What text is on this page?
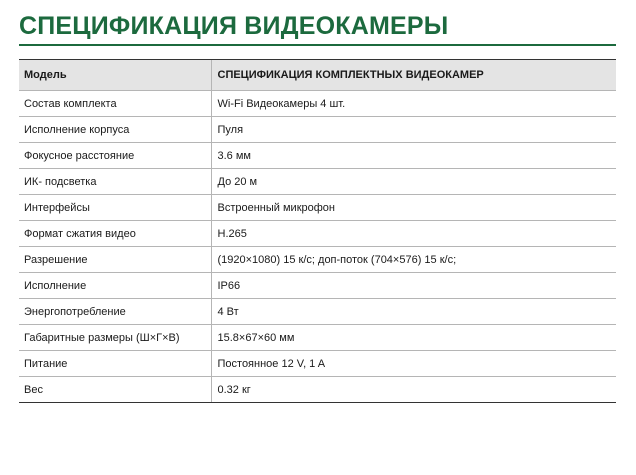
СПЕЦИФИКАЦИЯ ВИДЕОКАМЕРЫ
Модель	СПЕЦИФИКАЦИЯ КОМПЛЕКТНЫХ ВИДЕОКАМЕР
Состав комплекта	Wi-Fi Видеокамеры 4 шт.
Исполнение корпуса	Пуля
Фокусное расстояние	3.6 мм
ИК- подсветка	До 20 м
Интерфейсы	Встроенный микрофон
Формат сжатия видео	H.265
Разрешение	(1920×1080) 15 к/с; доп-поток (704×576) 15 к/с;
Исполнение	IP66
Энергопотребление	4 Вт
Габаритные размеры (Ш×Г×В)	15.8×67×60 мм
Питание	Постоянное 12 V, 1 A
Вес	0.32 кг
